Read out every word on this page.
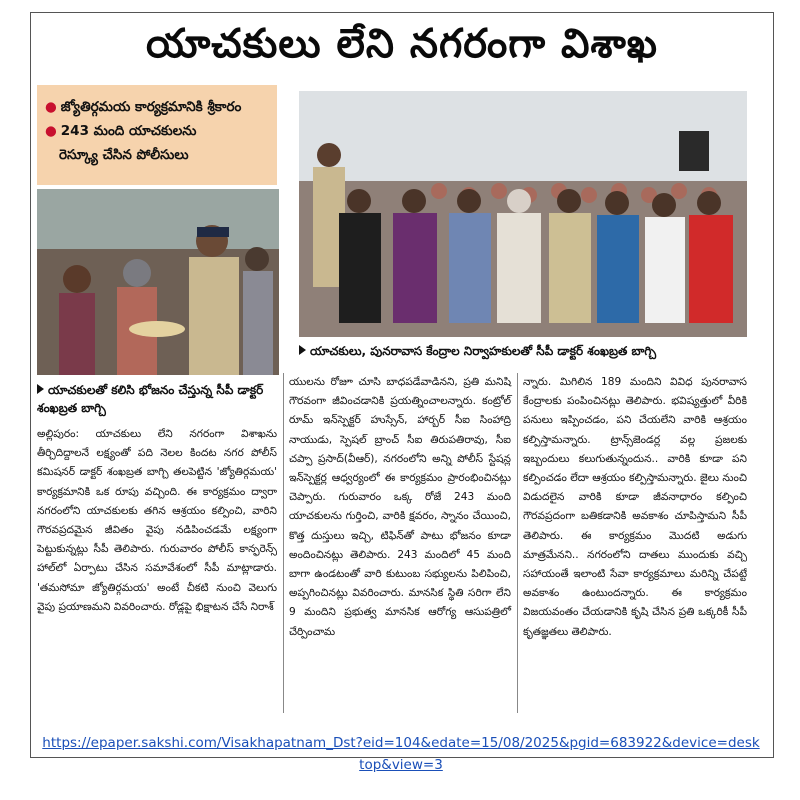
యాచకులు లేని నగరంగా విశాఖ
● జ్యోతిర్గమయ కార్యక్రమానికి శ్రీకారం
● 243 మంది యాచకులను
రెస్క్యూ చేసిన పోలీసులు
యాచకులు, పునరావాస కేంద్రాల నిర్వాహకులతో సీపీ డాక్టర్ శంఖబ్రత బాగ్చి
యాచకులతో కలిసి భోజనం చేస్తున్న సీపీ డాక్టర్ శంఖబ్రత బాగ్చి

అల్లిపురం: యాచకులు లేని నగరంగా విశాఖను తీర్చిదిద్దాలనే లక్ష్యంతో పది నెలల కిందట నగర పోలీస్ కమిషనర్ డాక్టర్ శంఖబ్రత బాగ్చి తలపెట్టిన 'జ్యోతిర్గమయ' కార్యక్రమానికి ఒక రూపు వచ్చింది. ఈ కార్యక్రమం ద్వారా నగరంలోని యాచకులకు తగిన ఆశ్రయం కల్పించి, వారిని గౌరవప్రదమైన జీవితం వైపు నడిపించడమే లక్ష్యంగా పెట్టుకున్నట్లు సీపీ తెలిపారు. గురువారం పోలీస్ కాన్ఫరెన్స్ హాల్‌లో ఏర్పాటు చేసిన సమావేశంలో సీపీ మాట్లాడారు. 'తమసోమా జ్యోతిర్గమయ' అంటే చీకటి నుంచి వెలుగు వైపు ప్రయాణమని వివరించారు. రోడ్లపై భిక్షాటన చేసే నిరాశ్

యులను రోజూ చూసి బాధపడేవాడినని, ప్రతి మనిషి గౌరవంగా జీవించడానికి ప్రయత్నించాలన్నారు. కంట్రోల్ రూమ్ ఇన్‌స్పెక్టర్ హుస్సేన్, హార్బర్ సీఐ సింహాద్రి నాయుడు, స్పెషల్ బ్రాంచ్ సీఐ తిరుపతిరావు, సీఐ చప్పా ప్రసాద్(వీఆర్), నగరంలోని అన్ని పోలీస్ స్టేషన్ల ఇన్‌స్పెక్టర్ల ఆధ్వర్యంలో ఈ కార్యక్రమం ప్రారంభించినట్లు చెప్పారు. గురువారం ఒక్క రోజే 243 మంది యాచకులను గుర్తించి, వారికి క్షవరం, స్నానం చేయించి, కొత్త దుస్తులు ఇచ్చి, టిఫిన్‌తో పాటు భోజనం కూడా అందించినట్లు తెలిపారు. 243 మందిలో 45 మంది బాగా ఉండటంతో వారి కుటుంబ సభ్యులను పిలిపించి, అప్పగించినట్లు వివరించారు. మానసిక స్థితి సరిగా లేని 9 మందిని ప్రభుత్వ మానసిక ఆరోగ్య ఆసుపత్రిలో చేర్పించామ

న్నారు. మిగిలిన 189 మందిని వివిధ పునరావాస కేంద్రాలకు పంపించినట్లు తెలిపారు. భవిష్యత్తులో వీరికి పనులు ఇప్పించడం, పని చేయలేని వారికి ఆశ్రయం కల్పిస్తామన్నారు. ట్రాన్స్‌జెండర్ల వల్ల ప్రజలకు ఇబ్బందులు కలుగుతున్నందున.. వారికి కూడా పని కల్పించడం లేదా ఆశ్రయం కల్పిస్తామన్నారు. జైలు నుంచి విడుదలైన వారికి కూడా జీవనాధారం కల్పించి గౌరవప్రదంగా బతికడానికి అవకాశం చూపిస్తామని సీపీ తెలిపారు. ఈ కార్యక్రమం మొదటి అడుగు మాత్రమేనని.. నగరంలోని దాతలు ముందుకు వచ్చి సహాయంతే ఇలాంటి సేవా కార్యక్రమాలు మరిన్ని చేపట్టే అవకాశం ఉంటుందన్నారు. ఈ కార్యక్రమం విజయవంతం చేయడానికి కృషి చేసిన ప్రతి ఒక్కరికీ సీపీ కృతజ్ఞతలు తెలిపారు.

https://epaper.sakshi.com/Visakhapatnam_Dst?eid=104&edate=15/08/2025&pgid=683922&device=desktop&view=3
